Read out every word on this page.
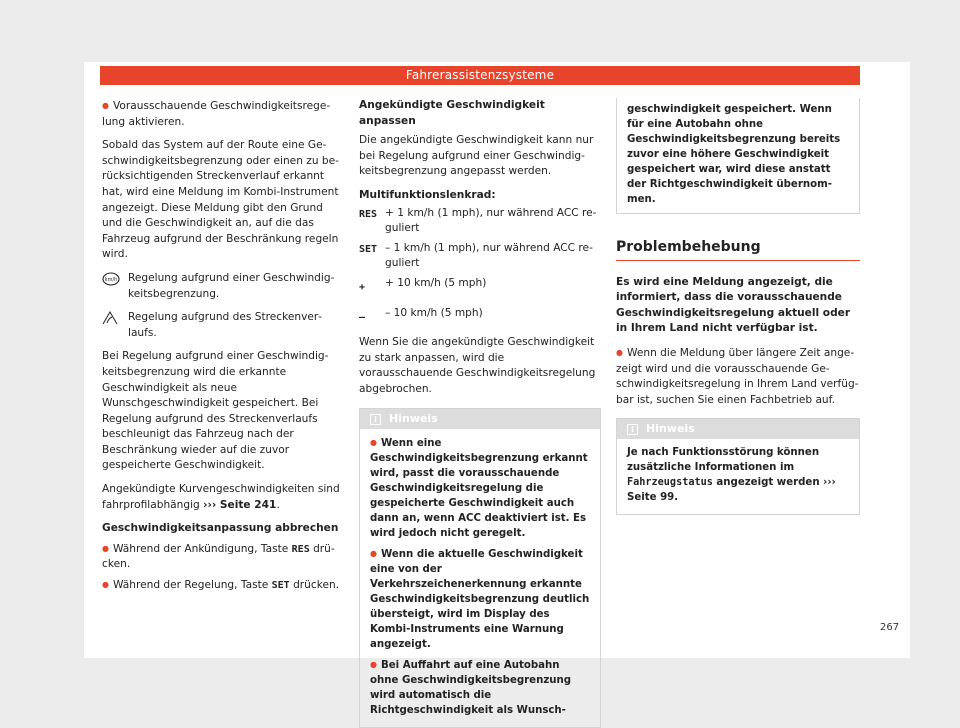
Fahrerassistenzsysteme

● Vorausschauende Geschwindigkeitsregelung aktivieren.

Sobald das System auf der Route eine Geschwindigkeitsbegrenzung oder einen zu berücksichtigenden Streckenverlauf erkannt hat, wird eine Meldung im Kombi-Instrument angezeigt. Diese Meldung gibt den Grund und die Geschwindigkeit an, auf die das Fahrzeug aufgrund der Beschränkung regeln wird.

km/h Regelung aufgrund einer Geschwindigkeitsbegrenzung.
Regelung aufgrund des Streckenverlaufs.

Bei Regelung aufgrund einer Geschwindigkeitsbegrenzung wird die erkannte Geschwindigkeit als neue Wunschgeschwindigkeit gespeichert. Bei Regelung aufgrund des Streckenverlaufs beschleunigt das Fahrzeug nach der Beschränkung wieder auf die zuvor gespeicherte Geschwindigkeit.

Angekündigte Kurvengeschwindigkeiten sind fahrprofilabhängig ››› Seite 241.

Geschwindigkeitsanpassung abbrechen

● Während der Ankündigung, Taste RES drücken.

● Während der Regelung, Taste SET drücken.

Angekündigte Geschwindigkeit anpassen

Die angekündigte Geschwindigkeit kann nur bei Regelung aufgrund einer Geschwindigkeitsbegrenzung angepasst werden.

Multifunktionslenkrad:

RES + 1 km/h (1 mph), nur während ACC reguliert
SET – 1 km/h (1 mph), nur während ACC reguliert
+	+ 10 km/h (5 mph)
–	– 10 km/h (5 mph)

Wenn Sie die angekündigte Geschwindigkeit zu stark anpassen, wird die vorausschauende Geschwindigkeitsregelung abgebrochen.

i Hinweis

● Wenn eine Geschwindigkeitsbegrenzung erkannt wird, passt die vorausschauende Geschwindigkeitsregelung die gespeicherte Geschwindigkeit auch dann an, wenn ACC deaktiviert ist. Es wird jedoch nicht geregelt.

● Wenn die aktuelle Geschwindigkeit eine von der Verkehrszeichenerkennung erkannte Geschwindigkeitsbegrenzung deutlich übersteigt, wird im Display des Kombi-Instruments eine Warnung angezeigt.

● Bei Auffahrt auf eine Autobahn ohne Geschwindigkeitsbegrenzung wird automatisch die Richtgeschwindigkeit als Wunsch-

geschwindigkeit gespeichert. Wenn für eine Autobahn ohne Geschwindigkeitsbegrenzung bereits zuvor eine höhere Geschwindigkeit gespeichert war, wird diese anstatt der Richtgeschwindigkeit übernommen.
Problembehebung

Es wird eine Meldung angezeigt, die informiert, dass die vorausschauende Geschwindigkeitsregelung aktuell oder in Ihrem Land nicht verfügbar ist.

● Wenn die Meldung über längere Zeit angezeigt wird und die vorausschauende Geschwindigkeitsregelung in Ihrem Land verfügbar ist, suchen Sie einen Fachbetrieb auf.

i Hinweis

Je nach Funktionsstörung können zusätzliche Informationen im Fahrzeugstatus angezeigt werden ››› Seite 99.

267
